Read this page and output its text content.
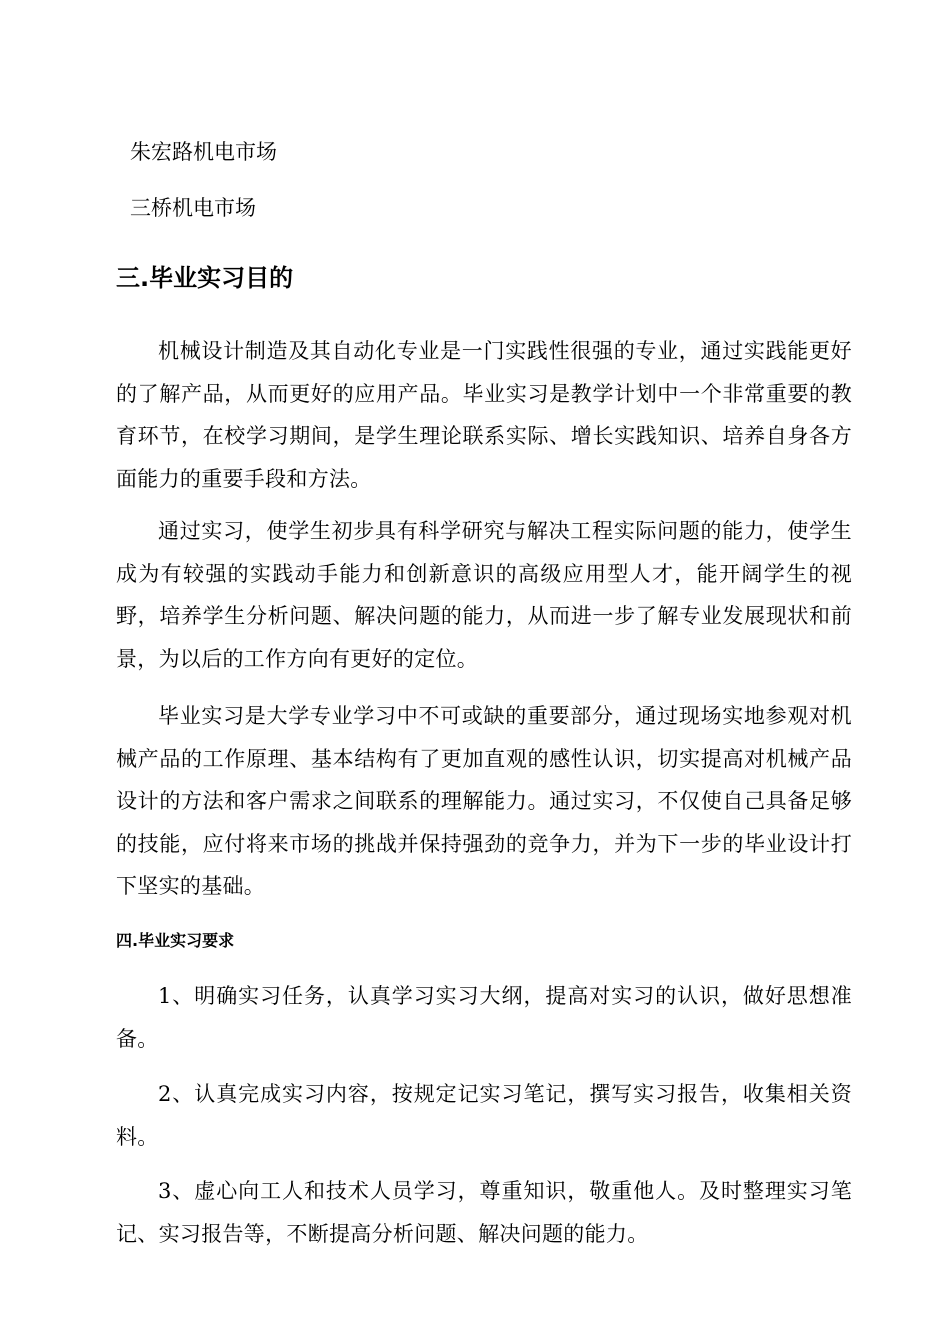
朱宏路机电市场
三桥机电市场
三.毕业实习目的

机械设计制造及其自动化专业是一门实践性很强的专业，通过实践能更好的了解产品，从而更好的应用产品。毕业实习是教学计划中一个非常重要的教育环节，在校学习期间，是学生理论联系实际、增长实践知识、培养自身各方面能力的重要手段和方法。

通过实习，使学生初步具有科学研究与解决工程实际问题的能力，使学生成为有较强的实践动手能力和创新意识的高级应用型人才，能开阔学生的视野，培养学生分析问题、解决问题的能力，从而进一步了解专业发展现状和前景，为以后的工作方向有更好的定位。

毕业实习是大学专业学习中不可或缺的重要部分，通过现场实地参观对机械产品的工作原理、基本结构有了更加直观的感性认识，切实提高对机械产品设计的方法和客户需求之间联系的理解能力。通过实习，不仅使自己具备足够的技能，应付将来市场的挑战并保持强劲的竞争力，并为下一步的毕业设计打下坚实的基础。

四.毕业实习要求

1、明确实习任务，认真学习实习大纲，提高对实习的认识，做好思想准备。

2、认真完成实习内容，按规定记实习笔记，撰写实习报告，收集相关资料。

3、虚心向工人和技术人员学习，尊重知识，敬重他人。及时整理实习笔记、实习报告等，不断提高分析问题、解决问题的能力。
